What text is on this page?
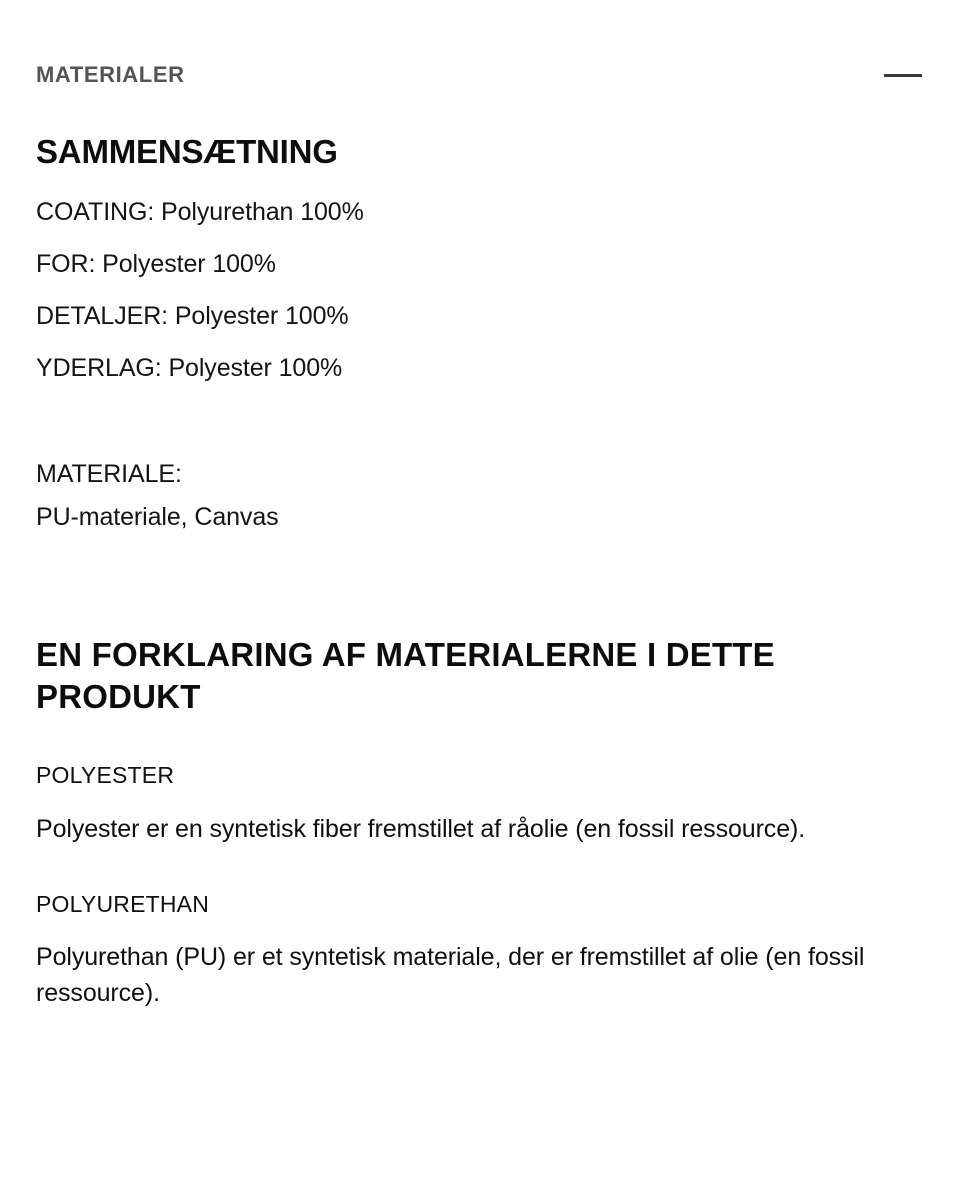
MATERIALER
SAMMENSÆTNING
COATING: Polyurethan 100%
FOR: Polyester 100%
DETALJER: Polyester 100%
YDERLAG: Polyester 100%
MATERIALE:
PU-materiale, Canvas
EN FORKLARING AF MATERIALERNE I DETTE PRODUKT

POLYESTER

Polyester er en syntetisk fiber fremstillet af råolie (en fossil ressource).

POLYURETHAN

Polyurethan (PU) er et syntetisk materiale, der er fremstillet af olie (en fossil ressource).
